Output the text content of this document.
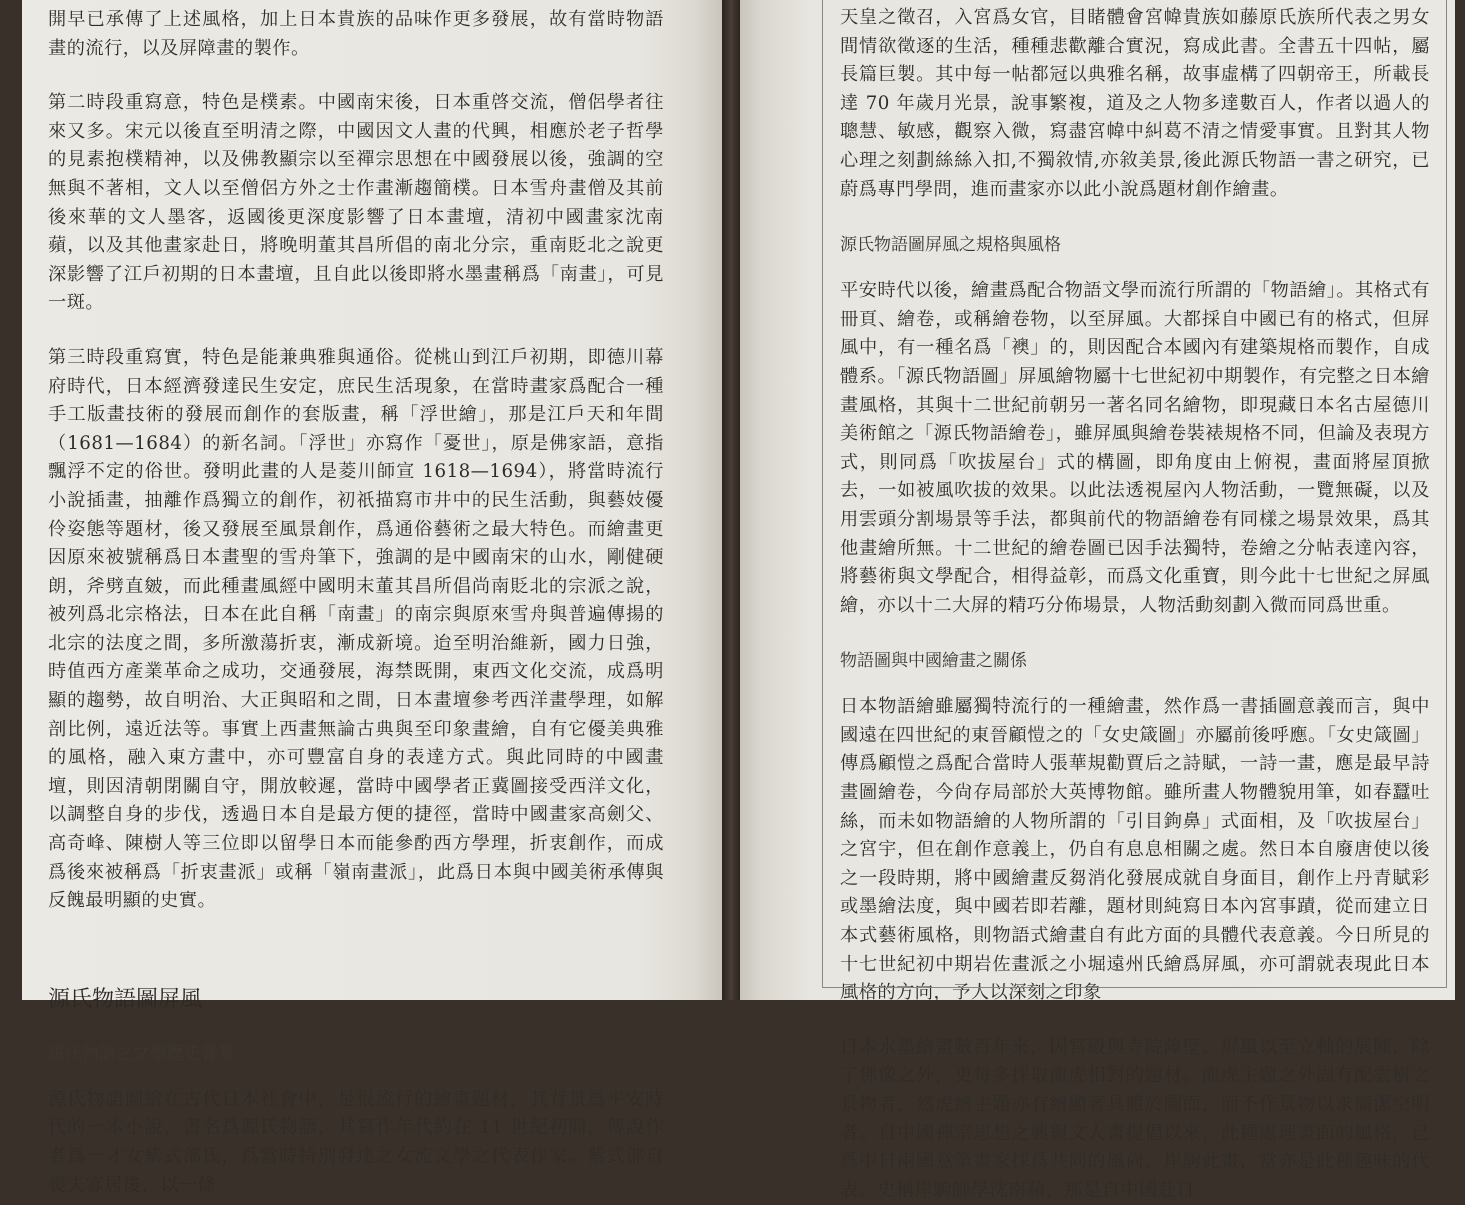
開早已承傳了上述風格，加上日本貴族的品味作更多發展，故有當時物語畫的流行，以及屏障畫的製作。

第二時段重寫意，特色是樸素。中國南宋後，日本重啓交流，僧侶學者往來又多。宋元以後直至明清之際，中國因文人畫的代興，相應於老子哲學的見素抱樸精神，以及佛教顯宗以至禪宗思想在中國發展以後，強調的空無與不著相，文人以至僧侶方外之士作畫漸趨簡樸。日本雪舟畫僧及其前後來華的文人墨客，返國後更深度影響了日本畫壇，清初中國畫家沈南蘋，以及其他畫家赴日，將晚明董其昌所倡的南北分宗，重南貶北之說更深影響了江戶初期的日本畫壇，且自此以後即將水墨畫稱爲「南畫」，可見一斑。

第三時段重寫實，特色是能兼典雅與通俗。從桃山到江戶初期，即德川幕府時代，日本經濟發達民生安定，庶民生活現象，在當時畫家爲配合一種手工版畫技術的發展而創作的套版畫，稱「浮世繪」，那是江戶天和年間（1681—1684）的新名詞。「浮世」亦寫作「憂世」，原是佛家語，意指飄浮不定的俗世。發明此畫的人是菱川師宣 1618—1694），將當時流行小說插畫，抽離作爲獨立的創作，初祇描寫市井中的民生活動，與藝妓優伶姿態等題材，後又發展至風景創作，爲通俗藝術之最大特色。而繪畫更因原來被號稱爲日本畫聖的雪舟筆下，強調的是中國南宋的山水，剛健硬朗，斧劈直皴，而此種畫風經中國明末董其昌所倡尚南貶北的宗派之說，被列爲北宗格法，日本在此自稱「南畫」的南宗與原來雪舟與普遍傳揚的北宗的法度之間，多所激蕩折衷，漸成新境。迨至明治維新，國力日強，時值西方產業革命之成功，交通發展，海禁既開，東西文化交流，成爲明顯的趨勢，故自明治、大正與昭和之間，日本畫壇參考西洋畫學理，如解剖比例，遠近法等。事實上西畫無論古典與至印象畫繪，自有它優美典雅的風格，融入東方畫中，亦可豐富自身的表達方式。與此同時的中國畫壇，則因清朝閉關自守，開放較遲，當時中國學者正冀圖接受西洋文化，以調整自身的步伐，透過日本自是最方便的捷徑，當時中國畫家高劍父、高奇峰、陳樹人等三位即以留學日本而能參酌西方學理，折衷創作，而成爲後來被稱爲「折衷畫派」或稱「嶺南畫派」，此爲日本與中國美術承傳與反餽最明顯的史實。

源氏物語圖屏風
源氏物語之文學歷史背景

源氏物語圖繪在古代日本社會中，是很流行的繪畫題材，其背景爲平安時代的一本小說，書名爲源氏物語，其寫作年代約在 11 世紀初間，傳說作者爲一才女紫式部氏，爲當時特別發達之女流文學之代表作家。紫式部自喪夫寡居後，以一條

天皇之徵召，入宮爲女官，目睹體會宮幃貴族如藤原氏族所代表之男女間情欲徵逐的生活，種種悲歡離合實況，寫成此書。全書五十四帖，屬長篇巨製。其中每一帖都冠以典雅名稱，故事虛構了四朝帝王，所載長達 70 年歲月光景，說事繁複，道及之人物多達數百人，作者以過人的聰慧、敏感，觀察入微，寫盡宮幃中糾葛不清之情愛事實。且對其人物心理之刻劃絲絲入扣,不獨敘情,亦敘美景,後此源氏物語一書之研究，已蔚爲專門學問，進而畫家亦以此小說爲題材創作繪畫。

源氏物語圖屏風之規格與風格

平安時代以後，繪畫爲配合物語文學而流行所謂的「物語繪」。其格式有冊頁、繪卷，或稱繪卷物，以至屏風。大都採自中國已有的格式，但屏風中，有一種名爲「襖」的，則因配合本國內有建築規格而製作，自成體系。「源氏物語圖」屏風繪物屬十七世紀初中期製作，有完整之日本繪畫風格，其與十二世紀前朝另一著名同名繪物，即現藏日本名古屋德川美術館之「源氏物語繪卷」，雖屏風與繪卷裝裱規格不同，但論及表現方式，則同爲「吹拔屋台」式的構圖，即角度由上俯視，畫面將屋頂掀去，一如被風吹拔的效果。以此法透視屋內人物活動，一覽無礙，以及用雲頭分割場景等手法，都與前代的物語繪卷有同樣之場景效果，爲其他畫繪所無。十二世紀的繪卷圖已因手法獨特，卷繪之分帖表達內容，將藝術與文學配合，相得益彰，而爲文化重寶，則今此十七世紀之屏風繪，亦以十二大屏的精巧分佈場景，人物活動刻劃入微而同爲世重。

物語圖與中國繪畫之關係

日本物語繪雖屬獨特流行的一種繪畫，然作爲一書插圖意義而言，與中國遠在四世紀的東晉顧愷之的「女史箴圖」亦屬前後呼應。「女史箴圖」傳爲顧愷之爲配合當時人張華規勸賈后之詩賦，一詩一畫，應是最早詩畫圖繪卷，今尙存局部於大英博物館。雖所畫人物體貌用筆，如春蠶吐絲，而未如物語繪的人物所謂的「引目鉤鼻」式面相，及「吹拔屋台」之宮宇，但在創作意義上，仍自有息息相關之處。然日本自廢唐使以後之一段時期，將中國繪畫反芻消化發展成就自身面目，創作上丹青賦彩或墨繪法度，與中國若即若離，題材則純寫日本內宮事蹟，從而建立日本式藝術風格，則物語式繪畫自有此方面的具體代表意義。今日所見的十七世紀初中期岩佐畫派之小堀遠州氏繪爲屏風，亦可謂就表現此日本風格的方向，予人以深刻之印象

日本水墨繪畫數百年來，因宮殿與寺院障壁、屏風以至立軸的展陳，除了佛像之外，更每多採取龍虎相對的題材。龍虎主題之外固有配雲樹之景物者，然虎繪主題亦有繪顯著具體於圖面，而不作景物以求簡潔空明者。自中國禪宗思想之興與文人畫提倡以來，此種處理畫面的風格，已爲中日兩國意筆畫家採爲共同的風尙，岸駒此畫，當亦是此種趣味的代表。史稱岸駒師學沈南蘋，那是自中國赴日
